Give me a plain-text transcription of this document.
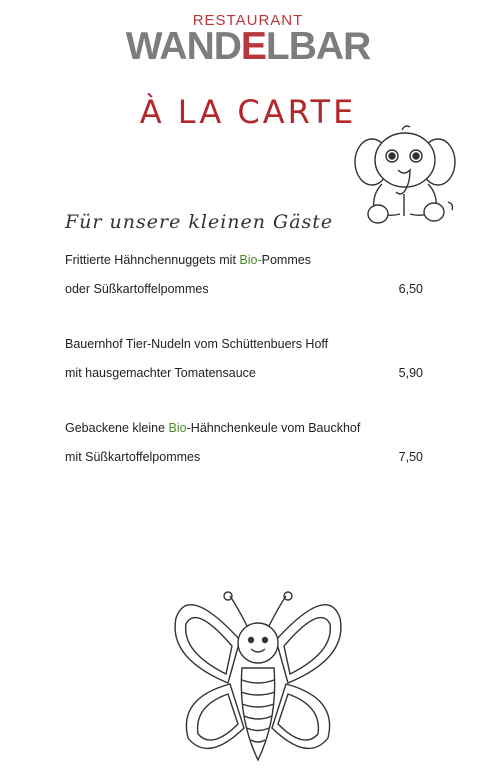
RESTAURANT
WANDELBAR
À LA CARTE
Für unsere kleinen Gäste
Frittierte Hähnchennuggets mit Bio-Pommes
oder Süßkartoffelpommes	6,50
Bauernhof Tier-Nudeln vom Schüttenbuers Hoff
mit hausgemachter Tomatensauce	5,90
Gebackene kleine Bio-Hähnchenkeule vom Bauckhof
mit Süßkartoffelpommes	7,50
